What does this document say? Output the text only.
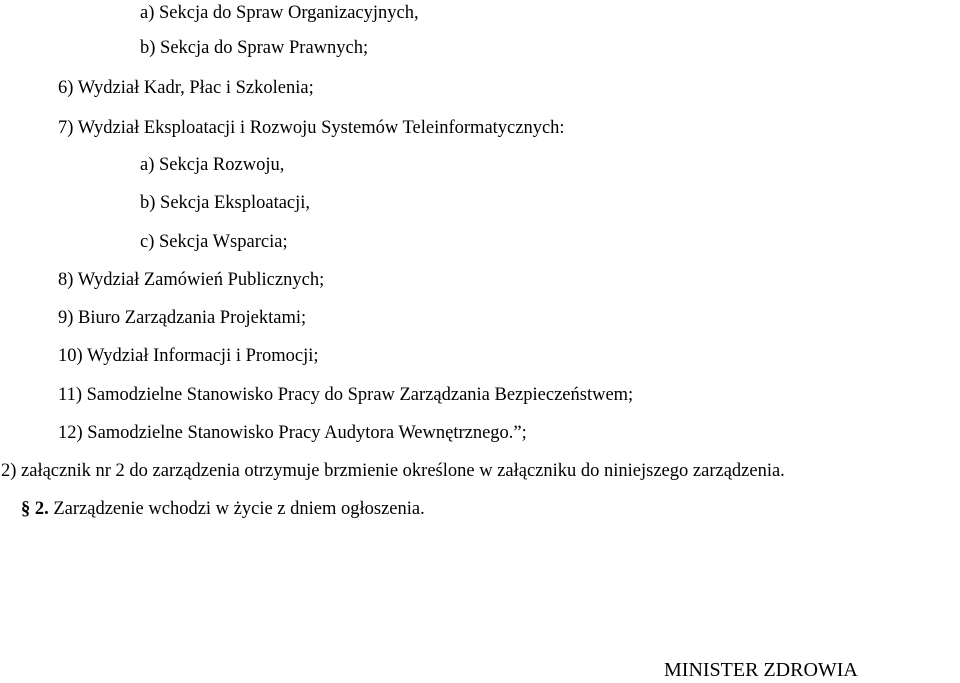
a) Sekcja do Spraw Organizacyjnych,
b) Sekcja do Spraw Prawnych;
6) Wydział Kadr, Płac i Szkolenia;
7) Wydział Eksploatacji i Rozwoju Systemów Teleinformatycznych:
a) Sekcja Rozwoju,
b) Sekcja Eksploatacji,
c) Sekcja Wsparcia;
8) Wydział Zamówień Publicznych;
9) Biuro Zarządzania Projektami;
10) Wydział Informacji i Promocji;
11) Samodzielne Stanowisko Pracy do Spraw Zarządzania Bezpieczeństwem;
12) Samodzielne Stanowisko Pracy Audytora Wewnętrznego.”;
2) załącznik nr 2 do zarządzenia otrzymuje brzmienie określone w załączniku do niniejszego zarządzenia.
§ 2. Zarządzenie wchodzi w życie z dniem ogłoszenia.
MINISTER ZDROWIA
